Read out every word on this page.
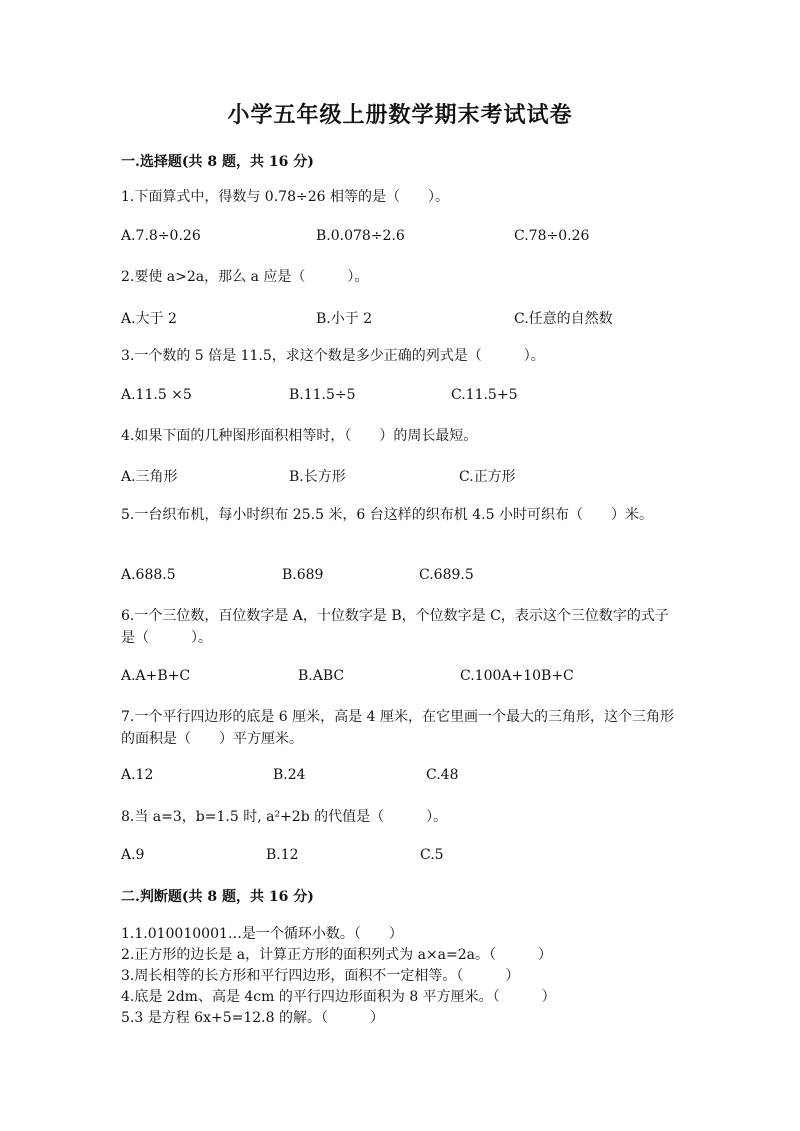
小学五年级上册数学期末考试试卷
一.选择题(共 8 题，共 16 分)
1.下面算式中，得数与 0.78÷26 相等的是（　　）。
A.7.8÷0.26	B.0.078÷2.6	C.78÷0.26
2.要使 a>2a，那么 a 应是（　　　）。
A.大于 2	B.小于 2	C.任意的自然数
3.一个数的 5 倍是 11.5，求这个数是多少正确的列式是（　　　）。
A.11.5 ×5	B.11.5÷5	C.11.5+5
4.如果下面的几种图形面积相等时，（　　）的周长最短。
A.三角形	B.长方形	C.正方形
5.一台织布机，每小时织布 25.5 米，6 台这样的织布机 4.5 小时可织布（　　）米。
A.688.5	B.689	C.689.5
6.一个三位数，百位数字是 A，十位数字是 B，个位数字是 C，表示这个三位数字的式子是（　　　）。
A.A+B+C	B.ABC	C.100A+10B+C
7.一个平行四边形的底是 6 厘米，高是 4 厘米，在它里画一个最大的三角形，这个三角形的面积是（　　）平方厘米。
A.12	B.24	C.48
8.当 a=3，b=1.5 时, a²+2b 的代值是（　　　）。
A.9	B.12	C.5
二.判断题(共 8 题，共 16 分)
1.1.010010001…是一个循环小数。（　　）
2.正方形的边长是 a，计算正方形的面积列式为 a×a=2a。（　　　）
3.周长相等的长方形和平行四边形，面积不一定相等。（　　　）
4.底是 2dm、高是 4cm 的平行四边形面积为 8 平方厘米。（　　　）
5.3 是方程 6x+5=12.8 的解。（　　　）
